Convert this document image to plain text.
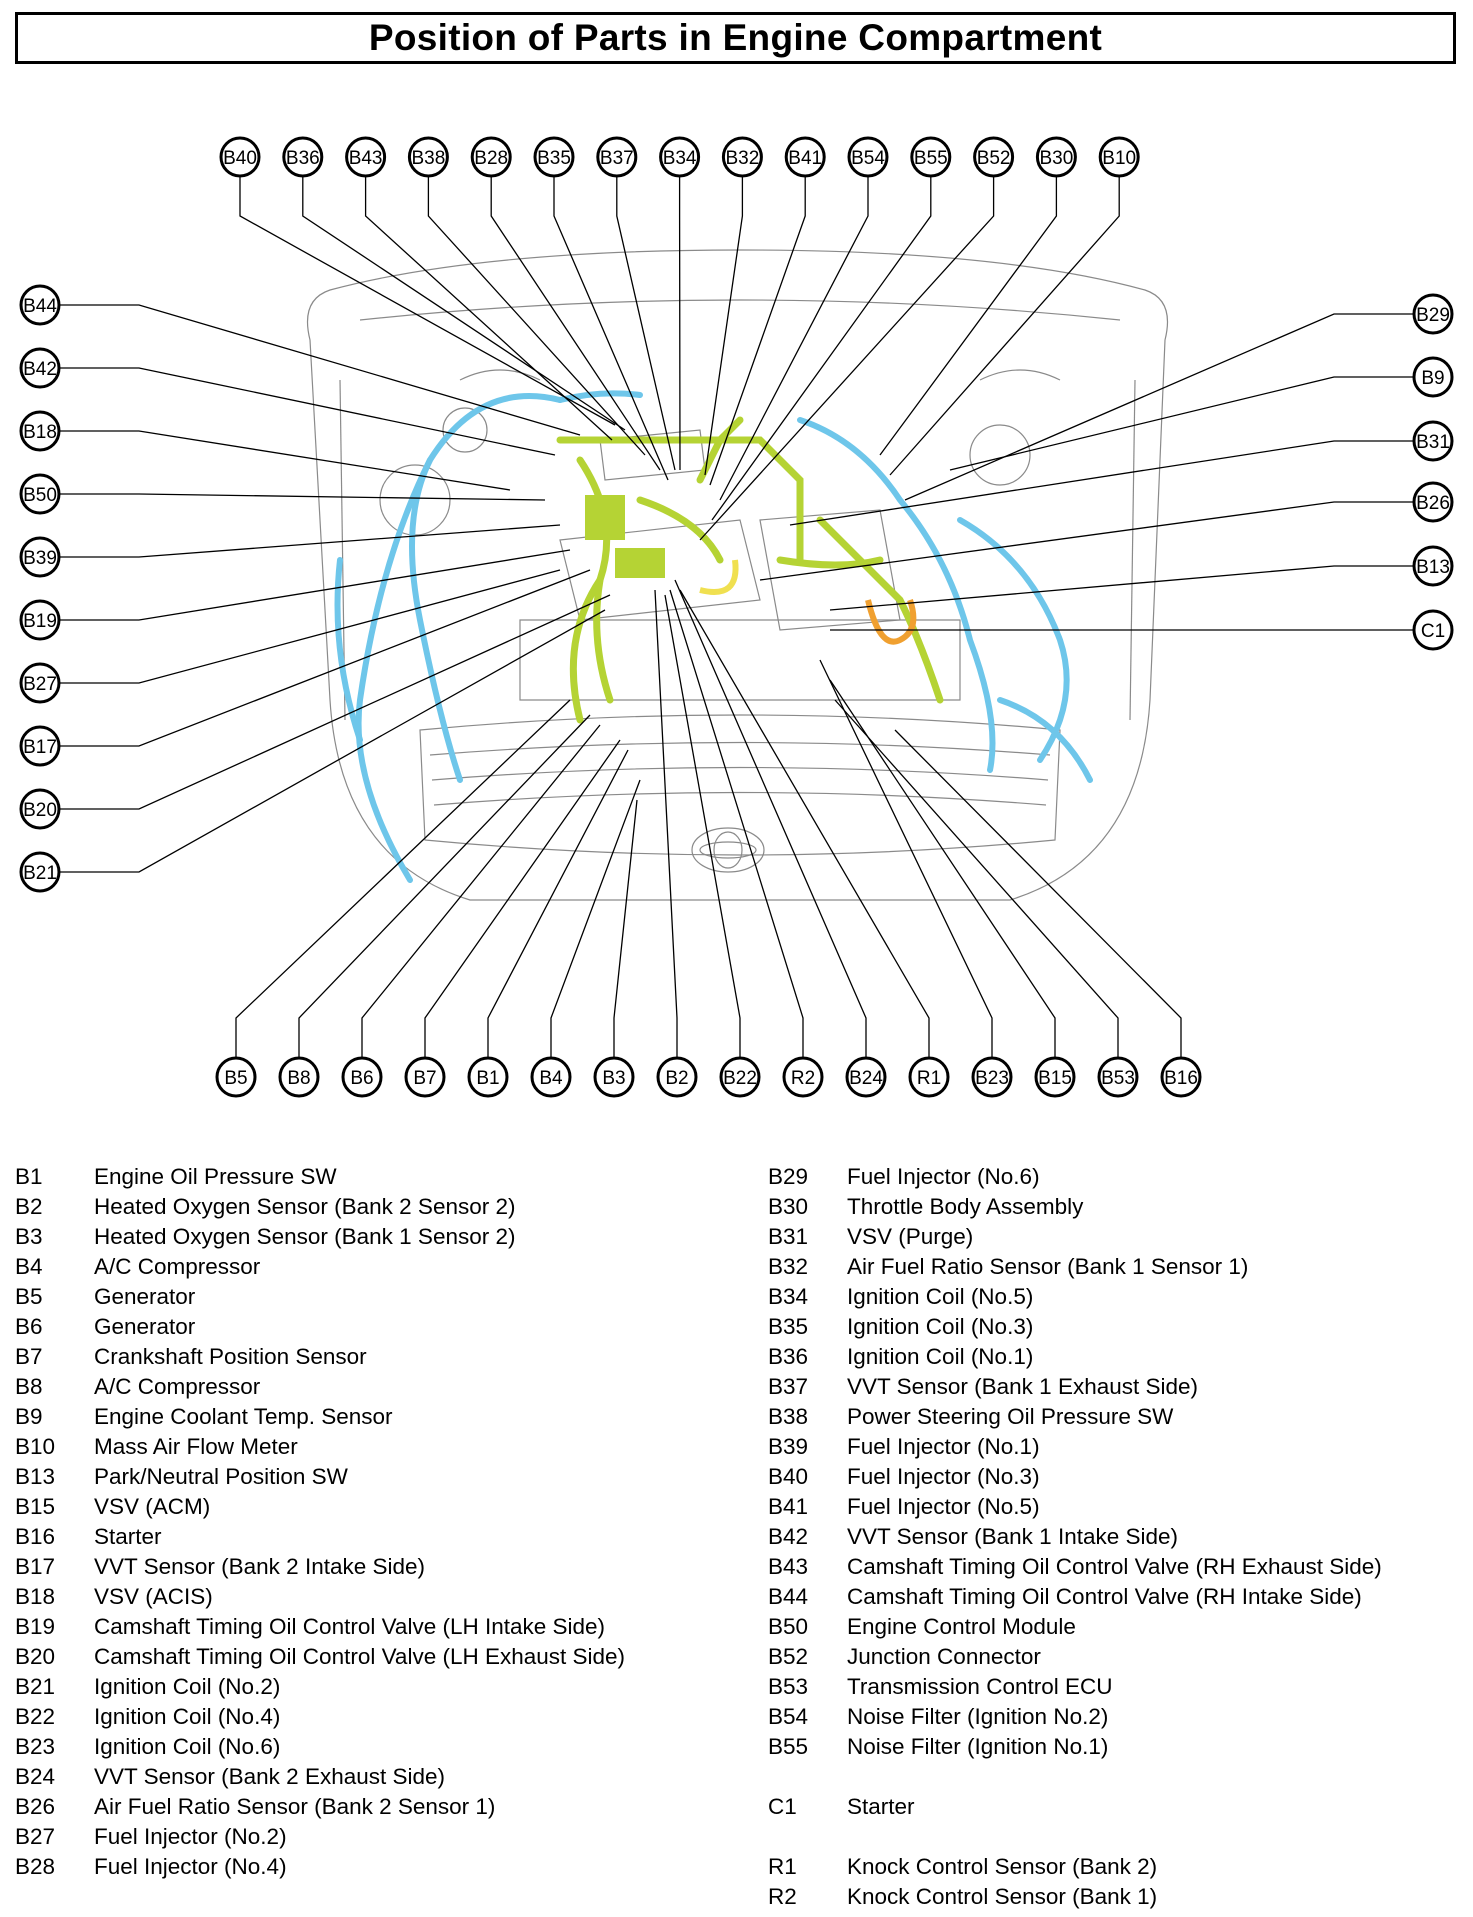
Position of Parts in Engine Compartment
B40 B36 B43 B38 B28 B35 B37 B34 B32 B41 B54 B55 B52 B30 B10
B5 B8 B6 B7 B1 B4 B3 B2 B22 R2 B24 R1 B23 B15 B53 B16
B44
B42
B18
B50
B39
B19
B27
B17
B20
B21
B29
B9
B31
B26
B13
C1
B1	Engine Oil Pressure SW
B2	Heated Oxygen Sensor (Bank 2 Sensor 2)
B3	Heated Oxygen Sensor (Bank 1 Sensor 2)
B4	A/C Compressor
B5	Generator
B6	Generator
B7	Crankshaft Position Sensor
B8	A/C Compressor
B9	Engine Coolant Temp. Sensor
B10	Mass Air Flow Meter
B13	Park/Neutral Position SW
B15	VSV (ACM)
B16	Starter
B17	VVT Sensor (Bank 2 Intake Side)
B18	VSV (ACIS)
B19	Camshaft Timing Oil Control Valve (LH Intake Side)
B20	Camshaft Timing Oil Control Valve (LH Exhaust Side)
B21	Ignition Coil (No.2)
B22	Ignition Coil (No.4)
B23	Ignition Coil (No.6)
B24	VVT Sensor (Bank 2 Exhaust Side)
B26	Air Fuel Ratio Sensor (Bank 2 Sensor 1)
B27	Fuel Injector (No.2)
B28	Fuel Injector (No.4)
B29	Fuel Injector (No.6)
B30	Throttle Body Assembly
B31	VSV (Purge)
B32	Air Fuel Ratio Sensor (Bank 1 Sensor 1)
B34	Ignition Coil (No.5)
B35	Ignition Coil (No.3)
B36	Ignition Coil (No.1)
B37	VVT Sensor (Bank 1 Exhaust Side)
B38	Power Steering Oil Pressure SW
B39	Fuel Injector (No.1)
B40	Fuel Injector (No.3)
B41	Fuel Injector (No.5)
B42	VVT Sensor (Bank 1 Intake Side)
B43	Camshaft Timing Oil Control Valve (RH Exhaust Side)
B44	Camshaft Timing Oil Control Valve (RH Intake Side)
B50	Engine Control Module
B52	Junction Connector
B53	Transmission Control ECU
B54	Noise Filter (Ignition No.2)
B55	Noise Filter (Ignition No.1)
C1	Starter
R1	Knock Control Sensor (Bank 2)
R2	Knock Control Sensor (Bank 1)
